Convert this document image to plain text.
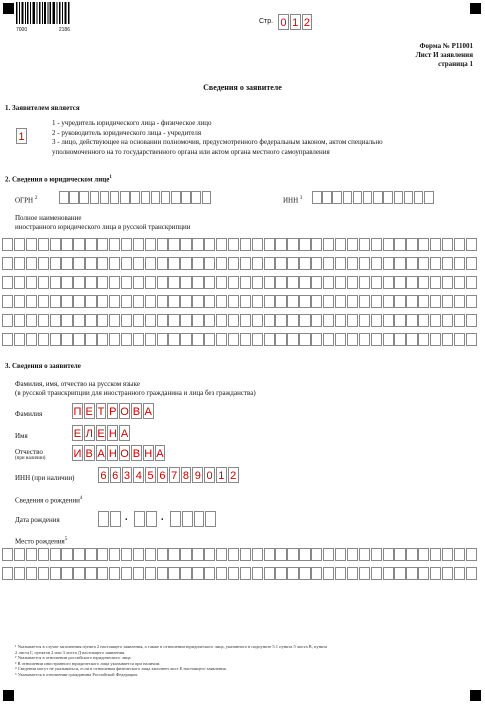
7000	2186
Стр. 0 1 2
Форма № Р11001
Лист И заявления
страница 1
Сведения о заявителе
1. Заявителем является
1
1 - учредитель юридического лица - физическое лицо
2 - руководитель юридического лица - учредителя
3 - лицо, действующее на основании полномочия, предусмотренного федеральным законом, актом специально
уполномоченного на то государственного органа или актом органа местного самоуправления
2. Сведения о юридическом лице$^1$
ОГРН $^2$	ИНН $^3$
Полное наименование
иностранного юридического лица в русской транскрипции
3. Сведения о заявителе
Фамилия, имя, отчество на русском языке
(в русской транскрипции для иностранного гражданина и лица без гражданства)
Фамилия	П Е Т Р О В А
Имя	Е Л Е Н А
Отчество
(при наличии)	И В А Н О В Н А
ИНН (при наличии) 6 6 3 4 5 6 7 8 9 0 1 2
Сведения о рождении$^4$
Дата рождения	.	.
Место рождения$^5$
¹ Указывается в случае заполнения пункта 2 настоящего заявления, а также в отношении юридического лица, указанного в подпункте 5.1 пункта 5 листа В, пункта
2 листа Г, пунктов 2 или 3 листа Д настоящего заявления.
² Указывается в отношении российского юридического лица.
³ В отношении иностранного юридического лица указывается при наличии.
⁴ Сведения могут не указываться, если в отношении физического лица заполнен лист Е настоящего заявления.
⁵ Указывается в отношении гражданина Российской Федерации.
